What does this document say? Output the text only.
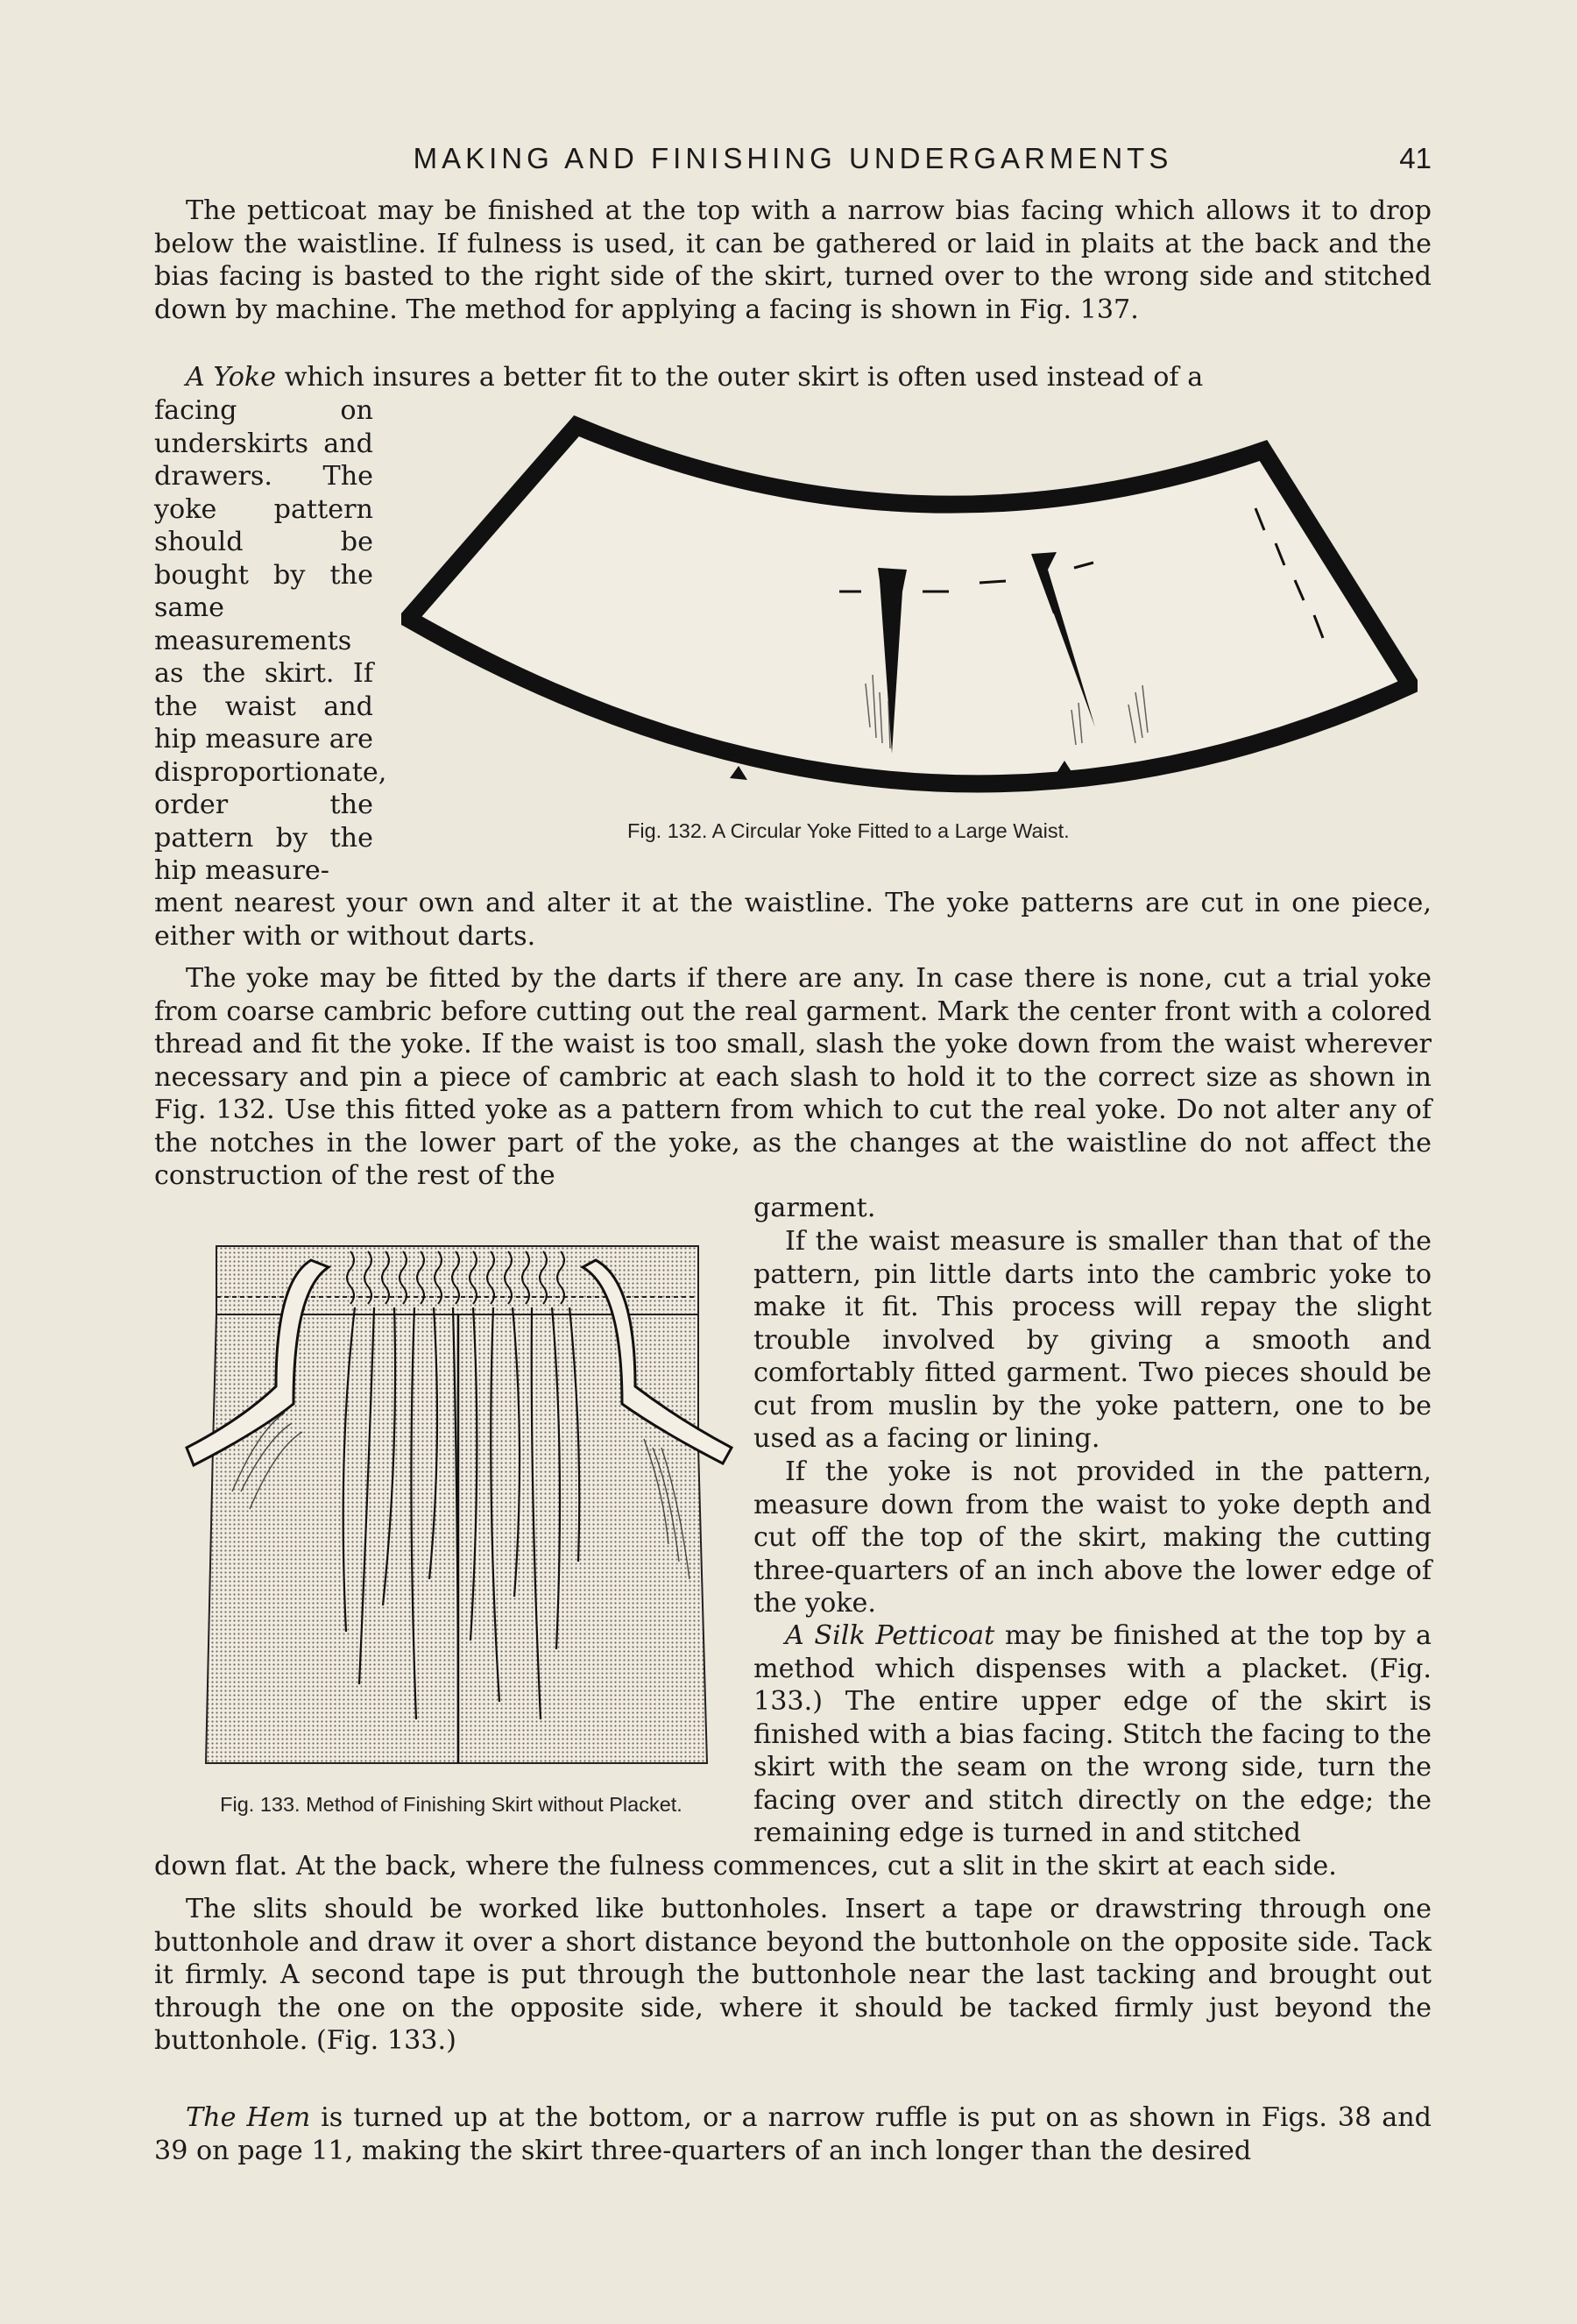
MAKING AND FINISHING UNDERGARMENTS	41

The petticoat may be finished at the top with a narrow bias facing which allows it to drop below the waistline. If fulness is used, it can be gathered or laid in plaits at the back and the bias facing is basted to the right side of the skirt, turned over to the wrong side and stitched down by machine. The method for applying a facing is shown in Fig. 137.

A Yoke which insures a better fit to the outer skirt is often used instead of a

facing on underskirts and drawers. The yoke pattern should be bought by the same measurements as the skirt. If the waist and hip measure are disproportionate, order the pattern by the hip measure-

ment nearest your own and alter it at the waistline. The yoke patterns are cut in one piece, either with or without darts.

Fig. 132. A Circular Yoke Fitted to a Large Waist.

The yoke may be fitted by the darts if there are any. In case there is none, cut a trial yoke from coarse cambric before cutting out the real garment. Mark the center front with a colored thread and fit the yoke. If the waist is too small, slash the yoke down from the waist wherever necessary and pin a piece of cambric at each slash to hold it to the correct size as shown in Fig. 132. Use this fitted yoke as a pattern from which to cut the real yoke. Do not alter any of the notches in the lower part of the yoke, as the changes at the waistline do not affect the construction of the rest of the

garment.

Fig. 133. Method of Finishing Skirt without Placket.

If the waist measure is smaller than that of the pattern, pin little darts into the cambric yoke to make it fit. This process will repay the slight trouble involved by giving a smooth and comfortably fitted garment. Two pieces should be cut from muslin by the yoke pattern, one to be used as a facing or lining.

If the yoke is not provided in the pattern, measure down from the waist to yoke depth and cut off the top of the skirt, making the cutting three-quarters of an inch above the lower edge of the yoke.

A Silk Petticoat may be finished at the top by a method which dispenses with a placket. (Fig. 133.) The entire upper edge of the skirt is finished with a bias facing. Stitch the facing to the skirt with the seam on the wrong side, turn the facing over and stitch directly on the edge; the remaining edge is turned in and stitched

down flat. At the back, where the fulness commences, cut a slit in the skirt at each side.

The slits should be worked like buttonholes. Insert a tape or drawstring through one buttonhole and draw it over a short distance beyond the buttonhole on the opposite side. Tack it firmly. A second tape is put through the buttonhole near the last tacking and brought out through the one on the opposite side, where it should be tacked firmly just beyond the buttonhole. (Fig. 133.)

The Hem is turned up at the bottom, or a narrow ruffle is put on as shown in Figs. 38 and 39 on page 11, making the skirt three-quarters of an inch longer than the desired
